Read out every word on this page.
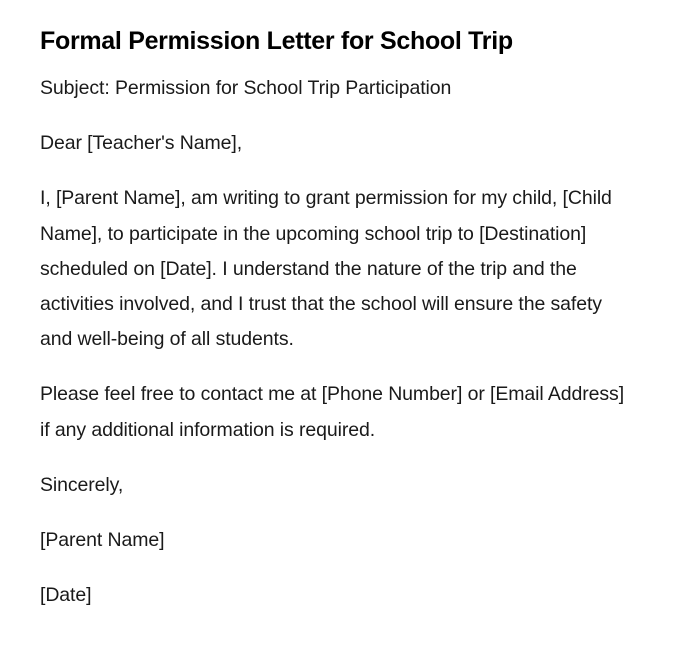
Formal Permission Letter for School Trip

Subject: Permission for School Trip Participation

Dear [Teacher's Name],

I, [Parent Name], am writing to grant permission for my child, [Child Name], to participate in the upcoming school trip to [Destination] scheduled on [Date]. I understand the nature of the trip and the activities involved, and I trust that the school will ensure the safety and well-being of all students.

Please feel free to contact me at [Phone Number] or [Email Address] if any additional information is required.

Sincerely,

[Parent Name]

[Date]
